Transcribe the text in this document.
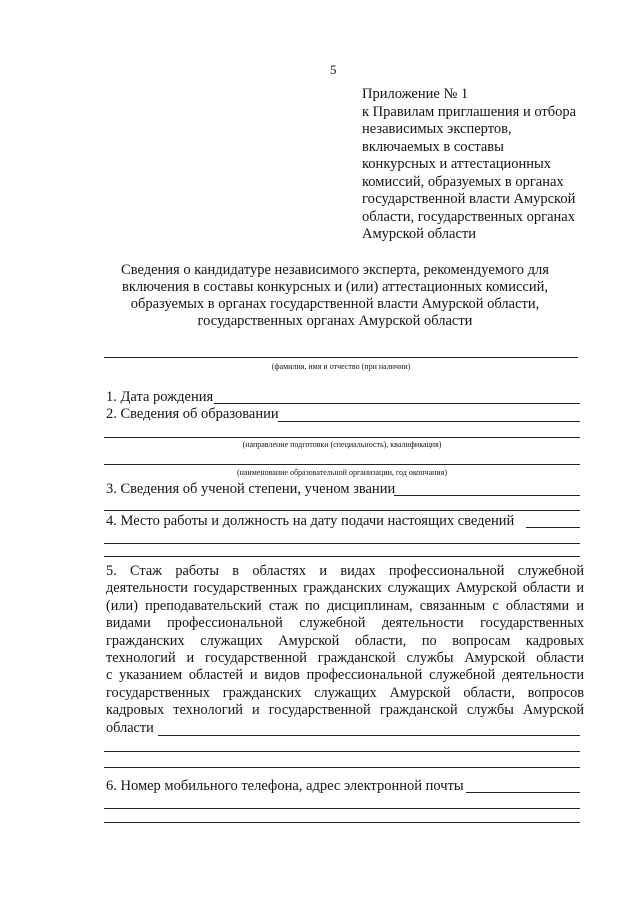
5
Приложение № 1
к Правилам приглашения и отбора
независимых экспертов,
включаемых в составы
конкурсных и аттестационных
комиссий, образуемых в органах
государственной власти Амурской
области, государственных органах
Амурской области
Сведения о кандидатуре независимого эксперта, рекомендуемого для
включения в составы конкурсных и (или) аттестационных комиссий,
образуемых в органах государственной власти Амурской области,
государственных органах Амурской области
(фамилия, имя и отчество (при наличии)
1. Дата рождения
2. Сведения об образовании
(направление подготовки (специальность), квалификация)
(наименование образовательной организации, год окончания)
3. Сведения об ученой степени, ученом звании
4. Место работы и должность на дату подачи настоящих сведений
5. Стаж работы в областях и видах профессиональной служебной
деятельности государственных гражданских служащих Амурской области и
(или) преподавательский стаж по дисциплинам, связанным с областями и
видами профессиональной служебной деятельности государственных
гражданских служащих Амурской области, по вопросам кадровых
технологий и государственной гражданской службы Амурской области
с указанием областей и видов профессиональной служебной деятельности
государственных гражданских служащих Амурской области, вопросов
кадровых технологий и государственной гражданской службы Амурской
области
6. Номер мобильного телефона, адрес электронной почты
